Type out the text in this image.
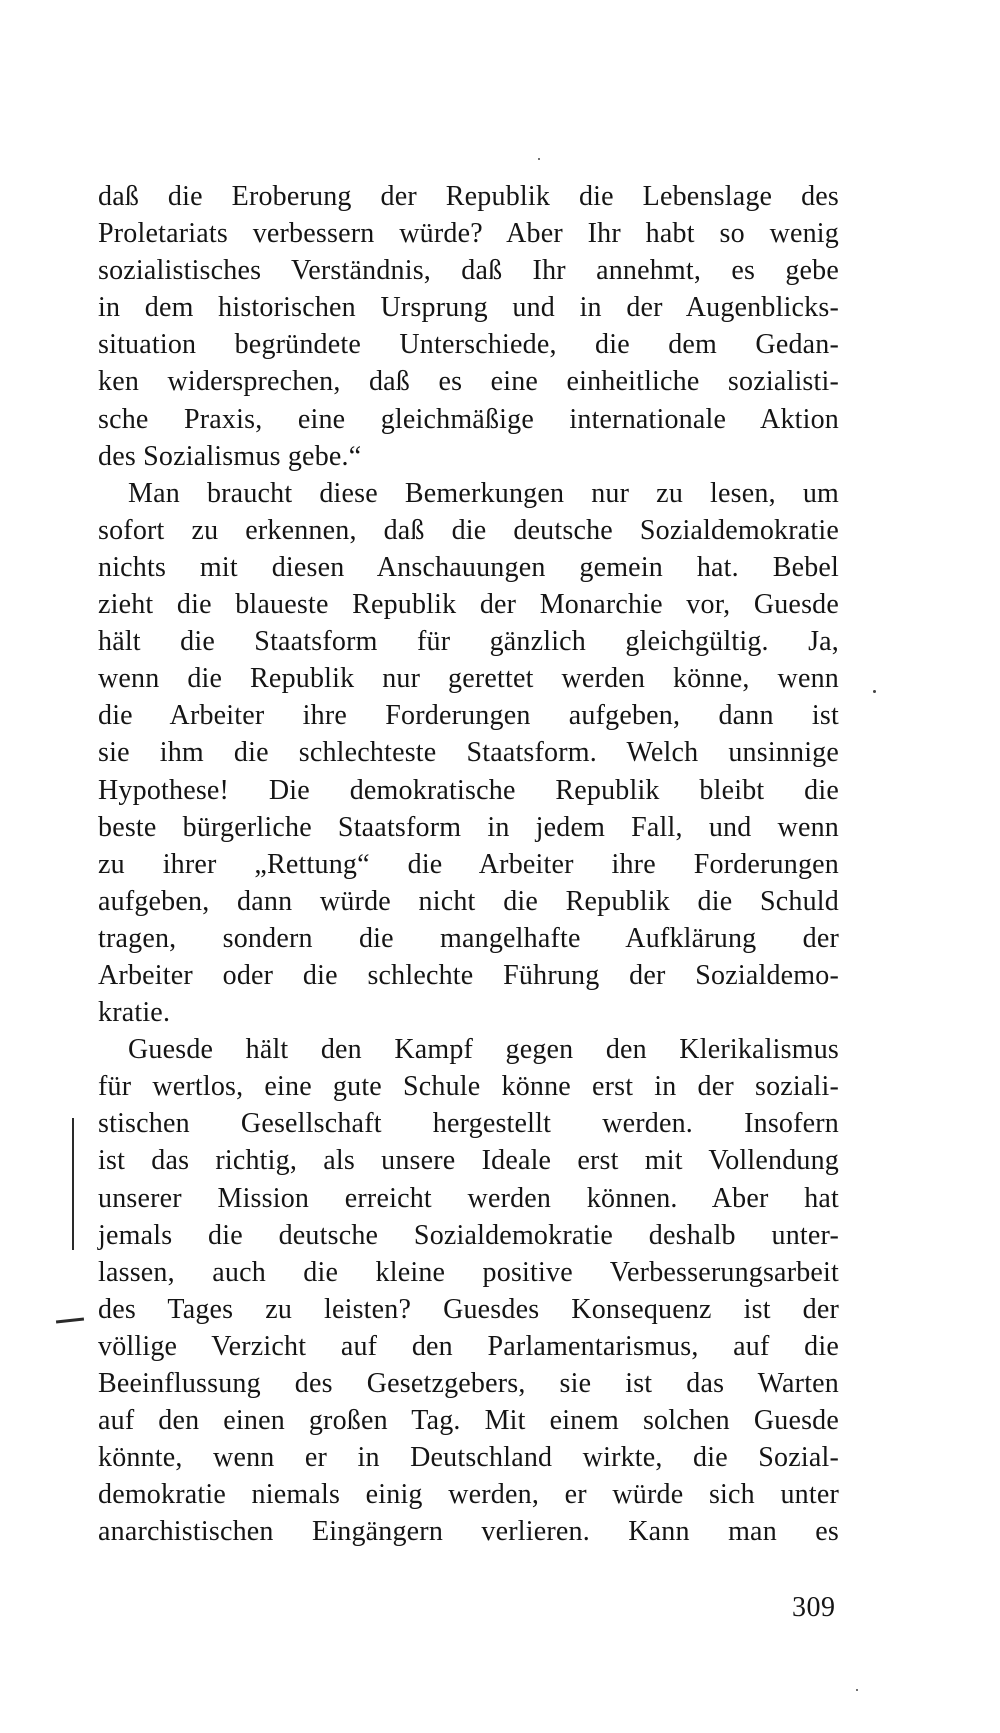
daß die Eroberung der Republik die Lebenslage des
Proletariats verbessern würde? Aber Ihr habt so wenig
sozialistisches Verständnis, daß Ihr annehmt, es gebe
in dem historischen Ursprung und in der Augenblicks-
situation begründete Unterschiede, die dem Gedan-
ken widersprechen, daß es eine einheitliche sozialisti-
sche Praxis, eine gleichmäßige internationale Aktion
des Sozialismus gebe.“
Man braucht diese Bemerkungen nur zu lesen, um
sofort zu erkennen, daß die deutsche Sozialdemokratie
nichts mit diesen Anschauungen gemein hat. Bebel
zieht die blaueste Republik der Monarchie vor, Guesde
hält die Staatsform für gänzlich gleichgültig. Ja,
wenn die Republik nur gerettet werden könne, wenn
die Arbeiter ihre Forderungen aufgeben, dann ist
sie ihm die schlechteste Staatsform. Welch unsinnige
Hypothese! Die demokratische Republik bleibt die
beste bürgerliche Staatsform in jedem Fall, und wenn
zu ihrer „Rettung“ die Arbeiter ihre Forderungen
aufgeben, dann würde nicht die Republik die Schuld
tragen, sondern die mangelhafte Aufklärung der
Arbeiter oder die schlechte Führung der Sozialdemo-
kratie.
Guesde hält den Kampf gegen den Klerikalismus
für wertlos, eine gute Schule könne erst in der soziali-
stischen Gesellschaft hergestellt werden. Insofern
ist das richtig, als unsere Ideale erst mit Vollendung
unserer Mission erreicht werden können. Aber hat
jemals die deutsche Sozialdemokratie deshalb unter-
lassen, auch die kleine positive Verbesserungsarbeit
des Tages zu leisten? Guesdes Konsequenz ist der
völlige Verzicht auf den Parlamentarismus, auf die
Beeinflussung des Gesetzgebers, sie ist das Warten
auf den einen großen Tag. Mit einem solchen Guesde
könnte, wenn er in Deutschland wirkte, die Sozial-
demokratie niemals einig werden, er würde sich unter
anarchistischen Eingängern verlieren. Kann man es
309
